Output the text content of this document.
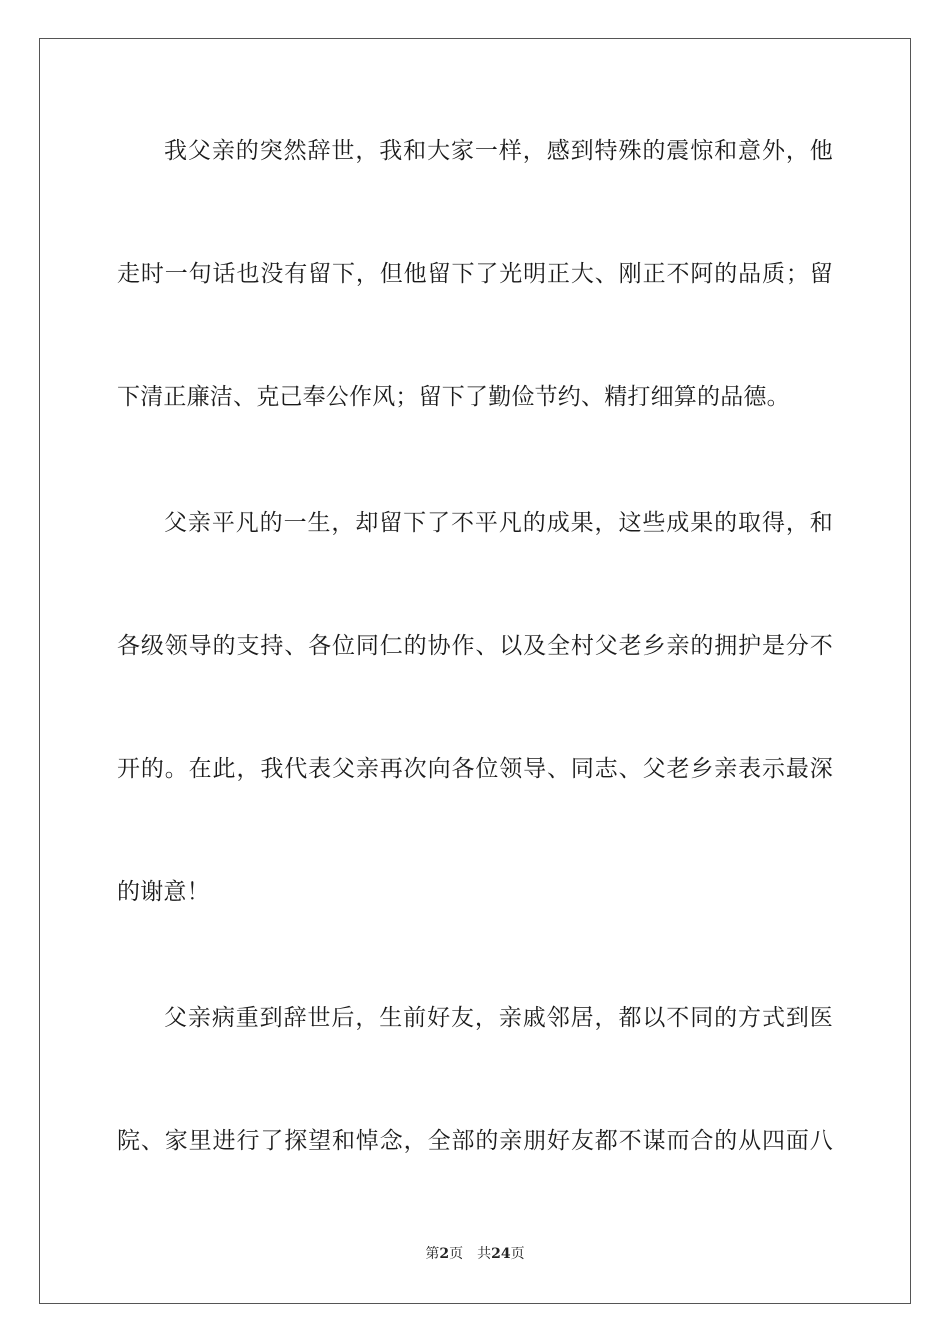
我父亲的突然辞世，我和大家一样，感到特殊的震惊和意外，他
走时一句话也没有留下，但他留下了光明正大、刚正不阿的品质；留
下清正廉洁、克己奉公作风；留下了勤俭节约、精打细算的品德。
父亲平凡的一生，却留下了不平凡的成果，这些成果的取得，和
各级领导的支持、各位同仁的协作、以及全村父老乡亲的拥护是分不
开的。在此，我代表父亲再次向各位领导、同志、父老乡亲表示最深
的谢意！
父亲病重到辞世后，生前好友，亲戚邻居，都以不同的方式到医
院、家里进行了探望和悼念，全部的亲朋好友都不谋而合的从四面八
第2页 共24页
